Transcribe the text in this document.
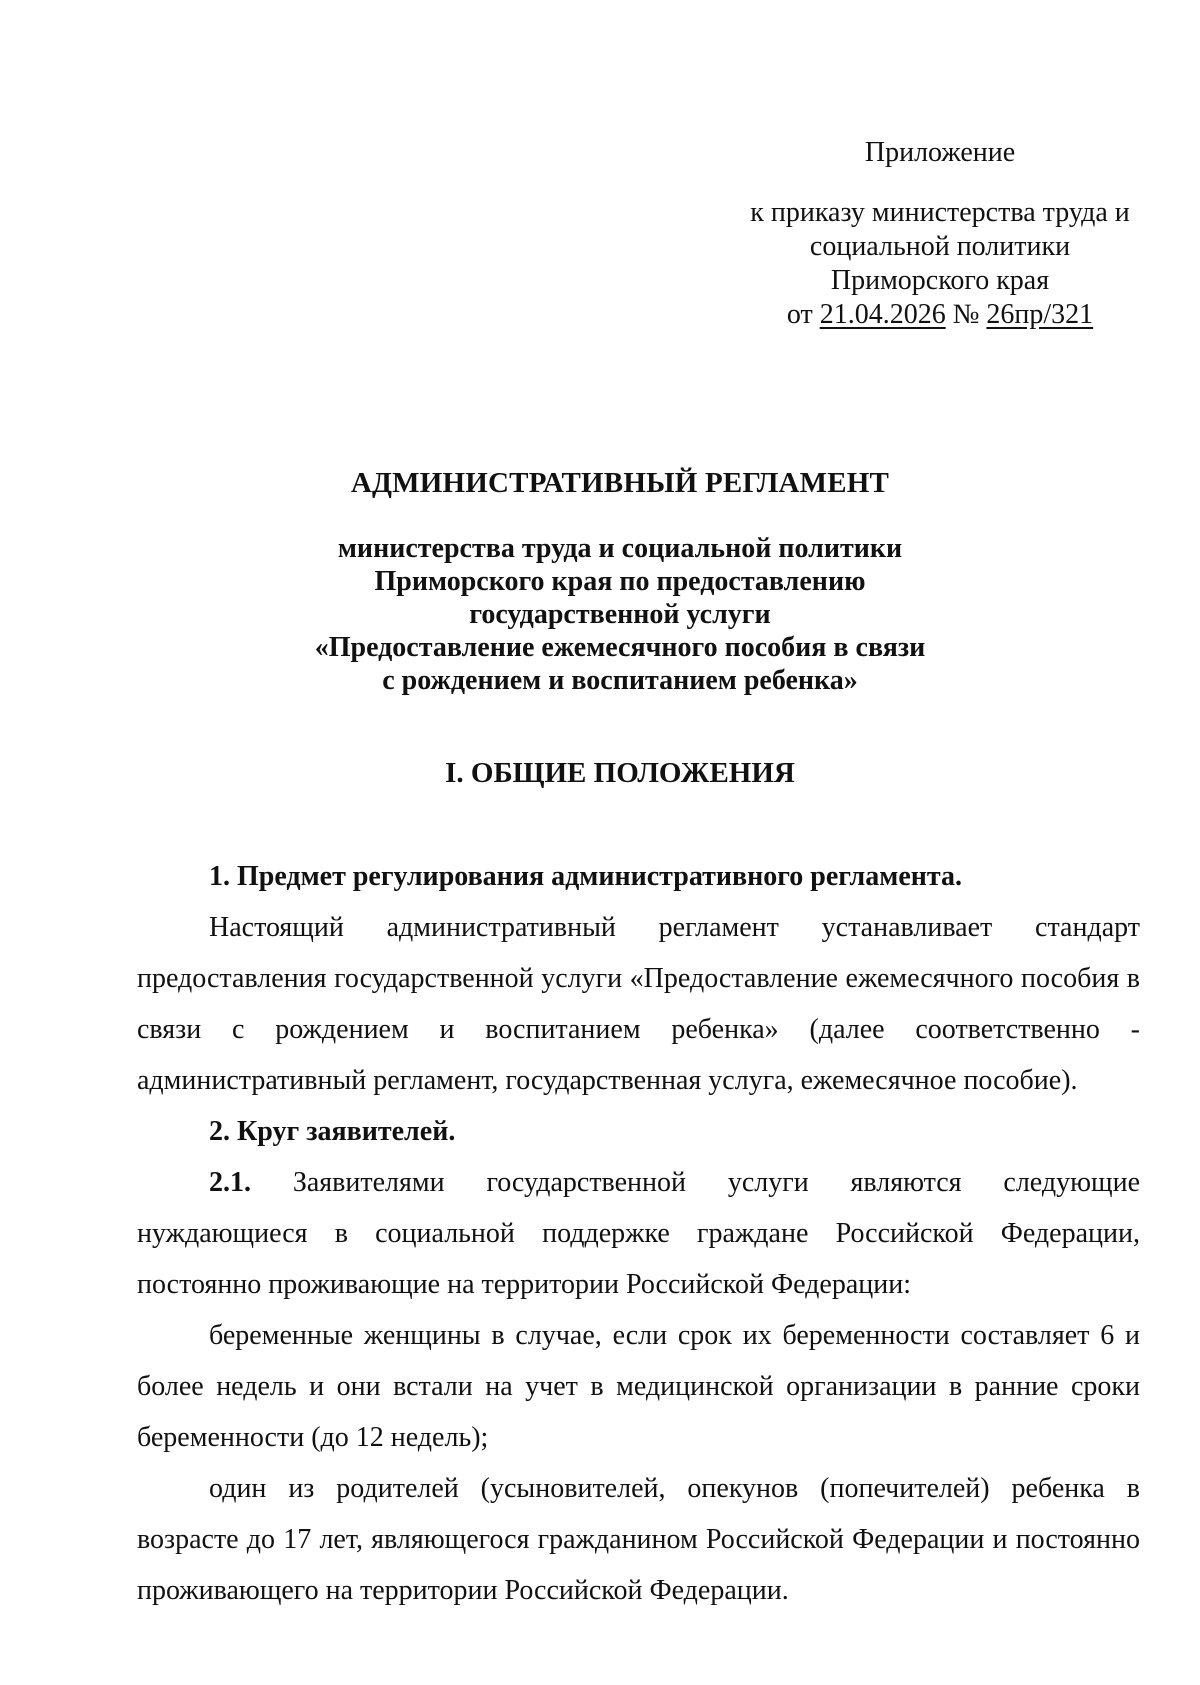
Приложение
к приказу министерства труда и
социальной политики
Приморского края
от 21.04.2026 № 26пр/321
АДМИНИСТРАТИВНЫЙ РЕГЛАМЕНТ
министерства труда и социальной политики
Приморского края по предоставлению
государственной услуги
«Предоставление ежемесячного пособия в связи
с рождением и воспитанием ребенка»
I. ОБЩИЕ ПОЛОЖЕНИЯ

1. Предмет регулирования административного регламента.

Настоящий административный регламент устанавливает стандарт предоставления государственной услуги «Предоставление ежемесячного пособия в связи с рождением и воспитанием ребенка» (далее соответственно - административный регламент, государственная услуга, ежемесячное пособие).

2. Круг заявителей.

2.1. Заявителями государственной услуги являются следующие нуждающиеся в социальной поддержке граждане Российской Федерации, постоянно проживающие на территории Российской Федерации:

беременные женщины в случае, если срок их беременности составляет 6 и более недель и они встали на учет в медицинской организации в ранние сроки беременности (до 12 недель);

один из родителей (усыновителей, опекунов (попечителей) ребенка в возрасте до 17 лет, являющегося гражданином Российской Федерации и постоянно проживающего на территории Российской Федерации.
